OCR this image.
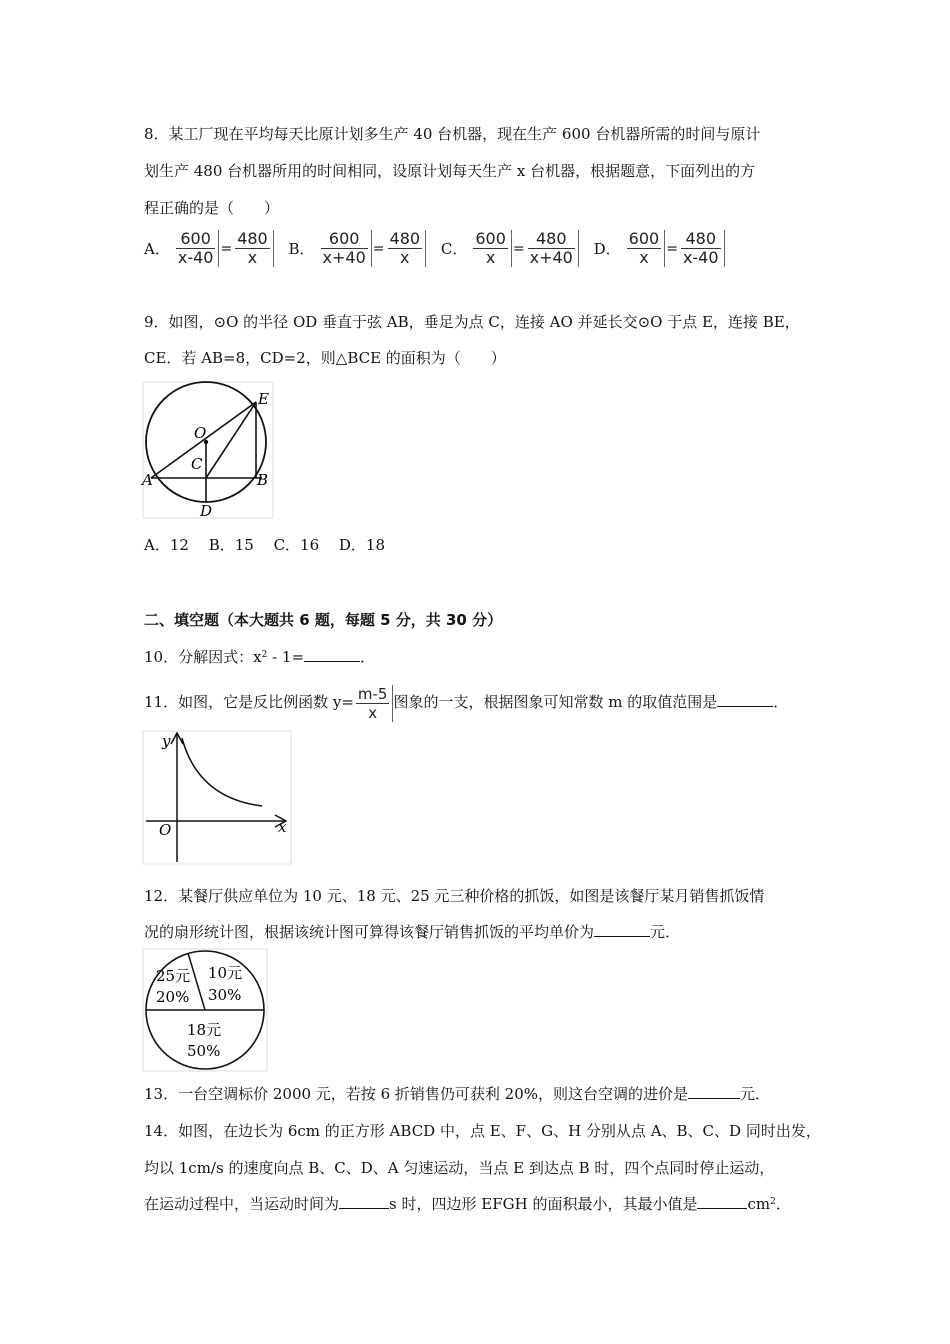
8．某工厂现在平均每天比原计划多生产 40 台机器，现在生产 600 台机器所需的时间与原计
划生产 480 台机器所用的时间相同，设原计划每天生产 x 台机器，根据题意，下面列出的方
程正确的是（　　）
A． $\frac{600}{x-40} = \frac{480}{x}$ B． $\frac{600}{x+40} = \frac{480}{x}$ C． $\frac{600}{x} = \frac{480}{x+40}$ D． $\frac{600}{x} = \frac{480}{x-40}$
9．如图，⊙O 的半径 OD 垂直于弦 AB，垂足为点 C，连接 AO 并延长交⊙O 于点 E，连接 BE，
CE．若 AB=8，CD=2，则△BCE 的面积为（　　）
O
C
E
A	B
D
A．12　 B．15　 C．16　 D．18
二、填空题（本大题共 6 题，每题 5 分，共 30 分）
10．分解因式：$x^2 - 1=$	．
11．如图，它是反比例函数 $y= \frac{m-5}{x}$ 图象的一支，根据图象可知常数 m 的取值范围是	．
y
x
O
12．某餐厅供应单位为 10 元、18 元、25 元三种价格的抓饭，如图是该餐厅某月销售抓饭情
况的扇形统计图，根据该统计图可算得该餐厅销售抓饭的平均单价为	元．
25元
20%
10元
30%
18元
50%
13．一台空调标价 2000 元，若按 6 折销售仍可获利 20%，则这台空调的进价是	元．
14．如图，在边长为 6cm 的正方形 ABCD 中，点 E、F、G、H 分别从点 A、B、C、D 同时出发，
均以 1cm/s 的速度向点 B、C、D、A 匀速运动，当点 E 到达点 B 时，四个点同时停止运动，
在运动过程中，当运动时间为	s 时，四边形 EFGH 的面积最小，其最小值是	$cm^2$．
